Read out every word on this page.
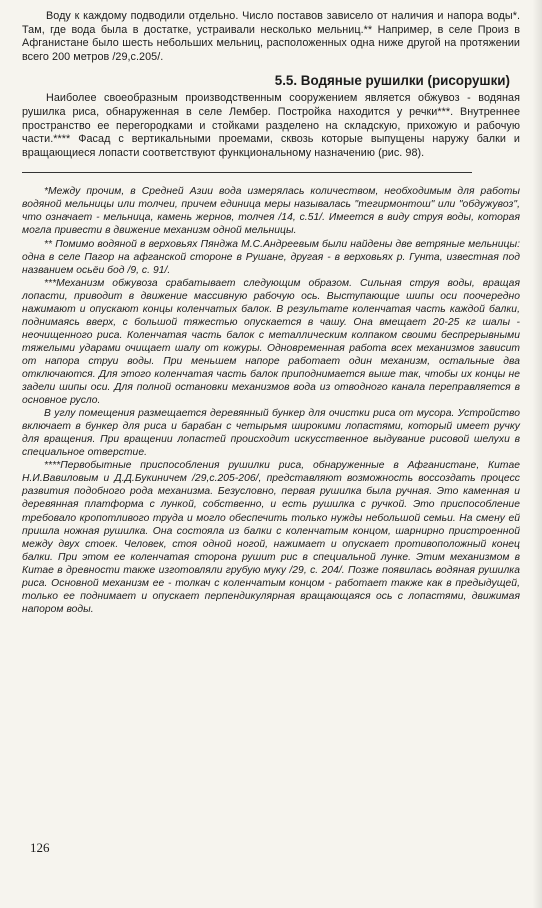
Воду к каждому подводили отдельно. Число поставов зависело от наличия и напора воды*. Там, где вода была в достатке, устраивали несколько мельниц.** Например, в селе Произ в Афганистане было шесть небольших мельниц, расположенных одна ниже другой на протяжении всего 200 метров /29,с.205/.

5.5. Водяные рушилки (рисорушки)

Наиболее своеобразным производственным сооружением является обжувоз - водяная рушилка риса, обнаруженная в селе Лембер. Постройка находится у речки***. Внутреннее пространство ее перегородками и стойками разделено на складскую, прихожую и рабочую части.**** Фасад с вертикальными проемами, сквозь которые выпущены наружу балки и вращающиеся лопасти соответствуют функциональному назначению (рис. 98).

*Между прочим, в Средней Азии вода измерялась количеством, необходимым для работы водяной мельницы или толчеи, причем единица меры называлась "тегирмонтош" или "обдужувоз", что означает - мельница, камень жернов, толчея /14, с.51/. Имеется в виду струя воды, которая могла привести в движение механизм одной мельницы.

** Помимо водяной в верховьях Пянджа М.С.Андреевым были найдены две ветряные мельницы: одна в селе Пагор на афганской стороне в Рушане, другая - в верховьях р. Гунта, известная под названием осьёи бод /9, с. 91/.

***Механизм обжувоза срабатывает следующим образом. Сильная струя воды, вращая лопасти, приводит в движение массивную рабочую ось. Выступающие шипы оси поочередно нажимают и опускают концы коленчатых балок. В результате коленчатая часть каждой балки, поднимаясь вверх, с большой тяжестью опускается в чашу. Она вмещает 20-25 кг шалы - неочищенного риса. Коленчатая часть балок с металлическим колпаком своими беспрерывными тяжелыми ударами очищает шалу от кожуры. Одновременная работа всех механизмов зависит от напора струи воды. При меньшем напоре работает один механизм, остальные два отключаются. Для этого коленчатая часть балок приподнимается выше так, чтобы их концы не задели шипы оси. Для полной остановки механизмов вода из отводного канала переправляется в основное русло.

В углу помещения размещается деревянный бункер для очистки риса от мусора. Устройство включает в бункер для риса и барабан с четырьмя широкими лопастями, который имеет ручку для вращения. При вращении лопастей происходит искусственное выдувание рисовой шелухи в специальное отверстие.

****Первобытные приспособления рушилки риса, обнаруженные в Афганистане, Китае Н.И.Вавиловым и Д.Д.Букиничем /29,с.205-206/, представляют возможность воссоздать процесс развития подобного рода механизма. Безусловно, первая рушилка была ручная. Это каменная и деревянная платформа с лункой, собственно, и есть рушилка с ручкой. Это приспособление требовало кропотливого труда и могло обеспечить только нужды небольшой семьи. На смену ей пришла ножная рушилка. Она состояла из балки с коленчатым концом, шарнирно пристроенной между двух стоек. Человек, стоя одной ногой, нажимает и опускает противоположный конец балки. При этом ее коленчатая сторона рушит рис в специальной лунке. Этим механизмом в Китае в древности также изготовляли грубую муку /29, с. 204/. Позже появилась водяная рушилка риса. Основной механизм ее - толкач с коленчатым концом - работает также как в предыдущей, только ее поднимает и опускает перпендикулярная вращающаяся ось с лопастями, движимая напором воды.

126
